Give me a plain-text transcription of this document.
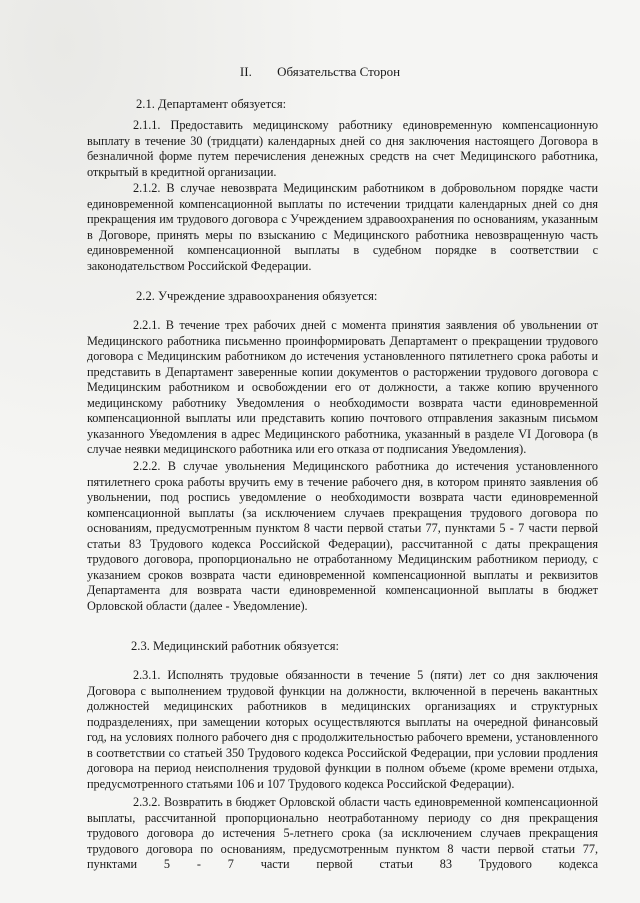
II. Обязательства Сторон
2.1. Департамент обязуется:

2.1.1. Предоставить медицинскому работнику единовременную компенсационную выплату в течение 30 (тридцати) календарных дней со дня заключения настоящего Договора в безналичной форме путем перечисления денежных средств на счет Медицинского работника, открытый в кредитной организации.

2.1.2. В случае невозврата Медицинским работником в добровольном порядке части единовременной компенсационной выплаты по истечении тридцати календарных дней со дня прекращения им трудового договора с Учреждением здравоохранения по основаниям, указанным в Договоре, принять меры по взысканию с Медицинского работника невозвращенную часть единовременной компенсационной выплаты в судебном порядке в соответствии с законодательством Российской Федерации.

2.2. Учреждение здравоохранения обязуется:

2.2.1. В течение трех рабочих дней с момента принятия заявления об увольнении от Медицинского работника письменно проинформировать Департамент о прекращении трудового договора с Медицинским работником до истечения установленного пятилетнего срока работы и представить в Департамент заверенные копии документов о расторжении трудового договора с Медицинским работником и освобождении его от должности, а также копию врученного медицинскому работнику Уведомления о необходимости возврата части единовременной компенсационной выплаты или представить копию почтового отправления заказным письмом указанного Уведомления в адрес Медицинского работника, указанный в разделе VI Договора (в случае неявки медицинского работника или его отказа от подписания Уведомления).

2.2.2. В случае увольнения Медицинского работника до истечения установленного пятилетнего срока работы вручить ему в течение рабочего дня, в котором принято заявления об увольнении, под роспись уведомление о необходимости возврата части единовременной компенсационной выплаты (за исключением случаев прекращения трудового договора по основаниям, предусмотренным пунктом 8 части первой статьи 77, пунктами 5 - 7 части первой статьи 83 Трудового кодекса Российской Федерации), рассчитанной с даты прекращения трудового договора, пропорционально не отработанному Медицинским работником периоду, с указанием сроков возврата части единовременной компенсационной выплаты и реквизитов Департамента для возврата части единовременной компенсационной выплаты в бюджет Орловской области (далее - Уведомление).

2.3. Медицинский работник обязуется:

2.3.1. Исполнять трудовые обязанности в течение 5 (пяти) лет со дня заключения Договора с выполнением трудовой функции на должности, включенной в перечень вакантных должностей медицинских работников в медицинских организациях и структурных подразделениях, при замещении которых осуществляются выплаты на очередной финансовый год, на условиях полного рабочего дня с продолжительностью рабочего времени, установленного в соответствии со статьей 350 Трудового кодекса Российской Федерации, при условии продления договора на период неисполнения трудовой функции в полном объеме (кроме времени отдыха, предусмотренного статьями 106 и 107 Трудового кодекса Российской Федерации).

2.3.2. Возвратить в бюджет Орловской области часть единовременной компенсационной выплаты, рассчитанной пропорционально неотработанному периоду со дня прекращения трудового договора до истечения 5-летнего срока (за исключением случаев прекращения трудового договора по основаниям, предусмотренным пунктом 8 части первой статьи 77, пунктами 5 - 7 части первой статьи 83 Трудового кодекса
